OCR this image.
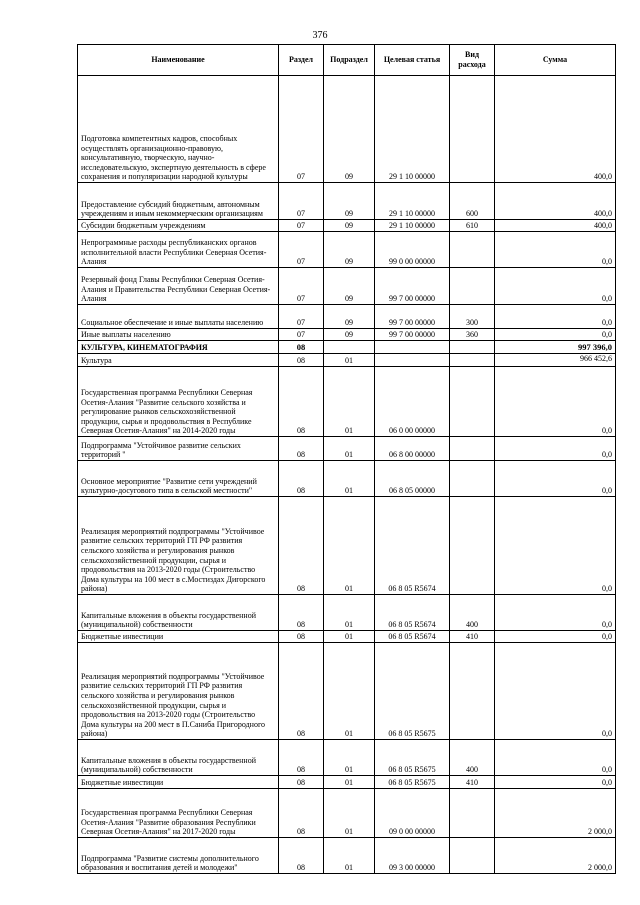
376
Наименование	Раздел	Подраздел	Целевая статья	Вид расхода	Сумма
Подготовка компетентных кадров, способных осуществлять организационно-правовую, консультативную, творческую, научно-исследовательскую, экспертную деятельность в сфере сохранения и популяризации народной культуры	07	09	29 1 10 00000		400,0
Предоставление субсидий бюджетным, автономным учреждениям и иным некоммерческим организациям	07	09	29 1 10 00000	600	400,0
Субсидии бюджетным учреждениям	07	09	29 1 10 00000	610	400,0
Непрограммные расходы республиканских органов исполнительной власти Республики Северная Осетия-Алания	07	09	99 0 00 00000		0,0
Резервный фонд Главы Республики Северная Осетия-Алания и Правительства Республики Северная Осетия-Алания	07	09	99 7 00 00000		0,0
Социальное обеспечение и иные выплаты населению	07	09	99 7 00 00000	300	0,0
Иные выплаты населению	07	09	99 7 00 00000	360	0,0
КУЛЬТУРА, КИНЕМАТОГРАФИЯ	08				997 396,0
Культура	08	01			966 452,6
Государственная программа Республики Северная Осетия-Алания "Развитие сельского хозяйства и регулирование рынков сельскохозяйственной продукции, сырья и продовольствия в Республике Северная Осетия-Алания" на 2014-2020 годы	08	01	06 0 00 00000		0,0
Подпрограмма "Устойчивое развитие сельских территорий "	08	01	06 8 00 00000		0,0
Основное мероприятие "Развитие сети учреждений культурно-досугового типа в сельской местности"	08	01	06 8 05 00000		0,0
Реализация мероприятий подпрограммы "Устойчивое развитие сельских территорий ГП РФ развития сельского хозяйства и регулирования рынков сельскохозяйственной продукции, сырья и продовольствия на 2013-2020 годы (Строительство Дома культуры на 100 мест в с.Мостиздах Дигорского района)	08	01	06 8 05 R5674		0,0
Капитальные вложения в объекты государственной (муниципальной) собственности	08	01	06 8 05 R5674	400	0,0
Бюджетные инвестиции	08	01	06 8 05 R5674	410	0,0
Реализация мероприятий подпрограммы "Устойчивое развитие сельских территорий ГП РФ развития сельского хозяйства и регулирования рынков сельскохозяйственной продукции, сырья и продовольствия на 2013-2020 годы (Строительство Дома культуры на 200 мест в П.Саниба Пригородного района)	08	01	06 8 05 R5675		0,0
Капитальные вложения в объекты государственной (муниципальной) собственности	08	01	06 8 05 R5675	400	0,0
Бюджетные инвестиции	08	01	06 8 05 R5675	410	0,0
Государственная программа Республики Северная Осетия-Алания "Развитие образования Республики Северная Осетия-Алания" на 2017-2020 годы	08	01	09 0 00 00000		2 000,0
Подпрограмма "Развитие системы дополнительного образования и воспитания детей и молодежи"	08	01	09 3 00 00000		2 000,0
